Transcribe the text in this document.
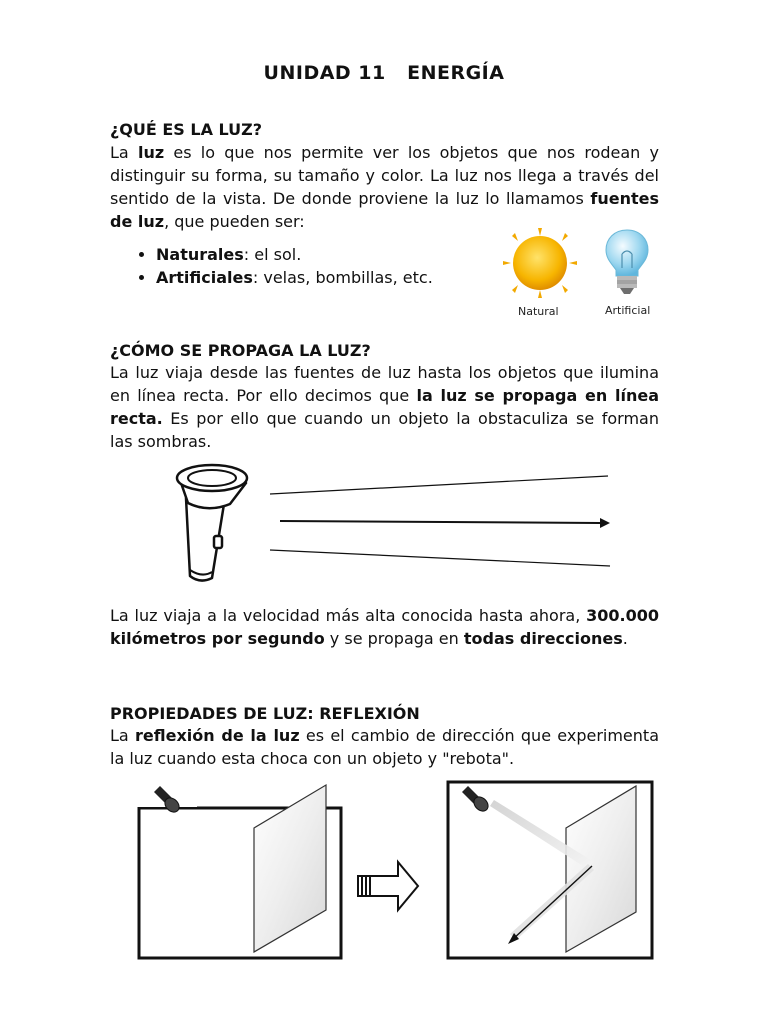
UNIDAD 11   ENERGÍA
¿QUÉ ES LA LUZ?
La luz es lo que nos permite ver los objetos que nos rodean y distinguir su forma, su tamaño y color. La luz nos llega a través del sentido de la vista. De donde proviene la luz lo llamamos fuentes de luz, que pueden ser:
• Naturales: el sol.
• Artificiales: velas, bombillas, etc.
Natural	Artificial
¿CÓMO SE PROPAGA LA LUZ?
La luz viaja desde las fuentes de luz hasta los objetos que ilumina en línea recta. Por ello decimos que la luz se propaga en línea recta. Es por ello que cuando un objeto la obstaculiza se forman las sombras.
La luz viaja a la velocidad más alta conocida hasta ahora, 300.000 kilómetros por segundo y se propaga en todas direcciones.
PROPIEDADES DE LUZ: REFLEXIÓN
La reflexión de la luz es el cambio de dirección que experimenta la luz cuando esta choca con un objeto y "rebota".
